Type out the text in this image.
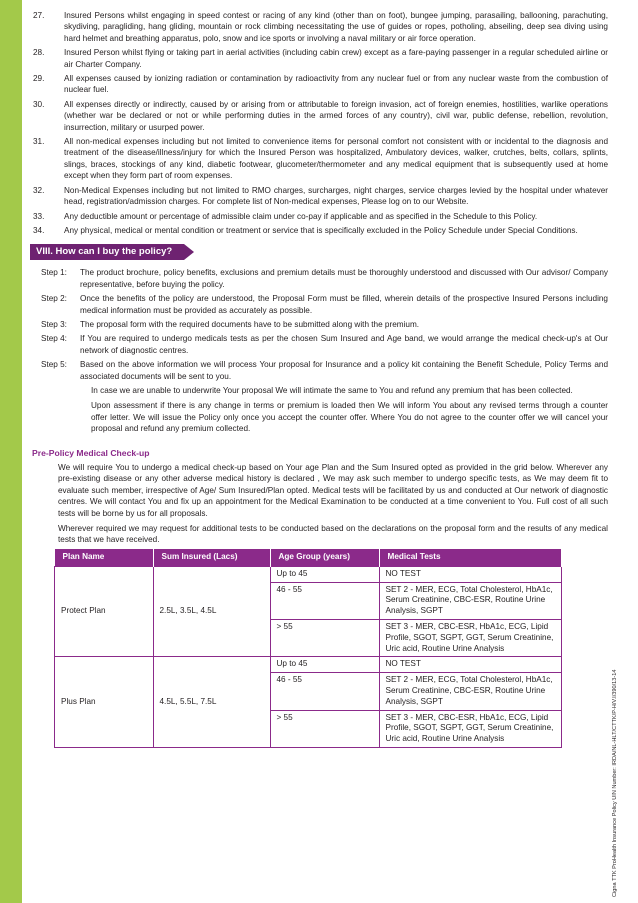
27. Insured Persons whilst engaging in speed contest or racing of any kind (other than on foot), bungee jumping, parasailing, ballooning, parachuting, skydiving, paragliding, hang gliding, mountain or rock climbing necessitating the use of guides or ropes, potholing, abseiling, deep sea diving using hard helmet and breathing apparatus, polo, snow and ice sports or involving a naval military or air force operation.
28. Insured Person whilst flying or taking part in aerial activities (including cabin crew) except as a fare-paying passenger in a regular scheduled airline or air Charter Company.
29. All expenses caused by ionizing radiation or contamination by radioactivity from any nuclear fuel or from any nuclear waste from the combustion of nuclear fuel.
30. All expenses directly or indirectly, caused by or arising from or attributable to foreign invasion, act of foreign enemies, hostilities, warlike operations (whether war be declared or not or while performing duties in the armed forces of any country), civil war, public defense, rebellion, revolution, insurrection, military or usurped power.
31. All non-medical expenses including but not limited to convenience items for personal comfort not consistent with or incidental to the diagnosis and treatment of the disease/illness/injury for which the Insured Person was hospitalized, Ambulatory devices, walker, crutches, belts, collars, splints, slings, braces, stockings of any kind, diabetic footwear, glucometer/thermometer and any medical equipment that is subsequently used at home except when they form part of room expenses.
32. Non-Medical Expenses including but not limited to RMO charges, surcharges, night charges, service charges levied by the hospital under whatever head, registration/admission charges. For complete list of Non-medical expenses, Please log on to our Website.
33. Any deductible amount or percentage of admissible claim under co-pay if applicable and as specified in the Schedule to this Policy.
34. Any physical, medical or mental condition or treatment or service that is specifically excluded in the Policy Schedule under Special Conditions.
VIII. How can I buy the policy?
Step 1: The product brochure, policy benefits, exclusions and premium details must be thoroughly understood and discussed with Our advisor/ Company representative, before buying the policy.
Step 2: Once the benefits of the policy are understood, the Proposal Form must be filled, wherein details of the prospective Insured Persons including medical information must be provided as accurately as possible.
Step 3: The proposal form with the required documents have to be submitted along with the premium.
Step 4: If You are required to undergo medicals tests as per the chosen Sum Insured and Age band, we would arrange the medical check-up's at Our network of diagnostic centres.
Step 5: Based on the above information we will process Your proposal for Insurance and a policy kit containing the Benefit Schedule, Policy Terms and associated documents will be sent to you.
In case we are unable to underwrite Your proposal We will intimate the same to You and refund any premium that has been collected.
Upon assessment if there is any change in terms or premium is loaded then We will inform You about any revised terms through a counter offer letter. We will issue the Policy only once you accept the counter offer. Where You do not agree to the counter offer we will cancel your proposal and refund any premium collected.
Pre-Policy Medical Check-up
We will require You to undergo a medical check-up based on Your age Plan and the Sum Insured opted as provided in the grid below. Wherever any pre-existing disease or any other adverse medical history is declared , We may ask such member to undergo specific tests, as We may deem fit to evaluate such member, irrespective of Age/ Sum Insured/Plan opted. Medical tests will be facilitated by us and conducted at Our network of diagnostic centres. We will contact You and fix up an appointment for the Medical Examination to be conducted at a time convenient to You. Full cost of all such tests will be borne by us for all proposals.
Wherever required we may request for additional tests to be conducted based on the declarations on the proposal form and the results of any medical tests that we have received.
Plan Name	Sum Insured (Lacs)	Age Group (years)	Medical Tests
Protect Plan	2.5L, 3.5L, 4.5L	Up to 45	NO TEST
		46 - 55	SET 2 - MER, ECG, Total Cholesterol, HbA1c, Serum Creatinine, CBC-ESR, Routine Urine Analysis, SGPT
		> 55	SET 3 - MER, CBC-ESR, HbA1c, ECG, Lipid Profile, SGOT, SGPT, GGT, Serum Creatinine, Uric acid, Routine Urine Analysis
Plus Plan	4.5L, 5.5L, 7.5L	Up to 45	NO TEST
		46 - 55	SET 2 - MER, ECG, Total Cholesterol, HbA1c, Serum Creatinine, CBC-ESR, Routine Urine Analysis, SGPT
		> 55	SET 3 - MER, CBC-ESR, HbA1c, ECG, Lipid Profile, SGOT, SGPT, GGT, Serum Creatinine, Uric acid, Routine Urine Analysis	Cigna TTK ProHealth Insurance Policy UIN Number: IRDA/NL-HLT/CTTK/P-H/V.I/390/13-14
